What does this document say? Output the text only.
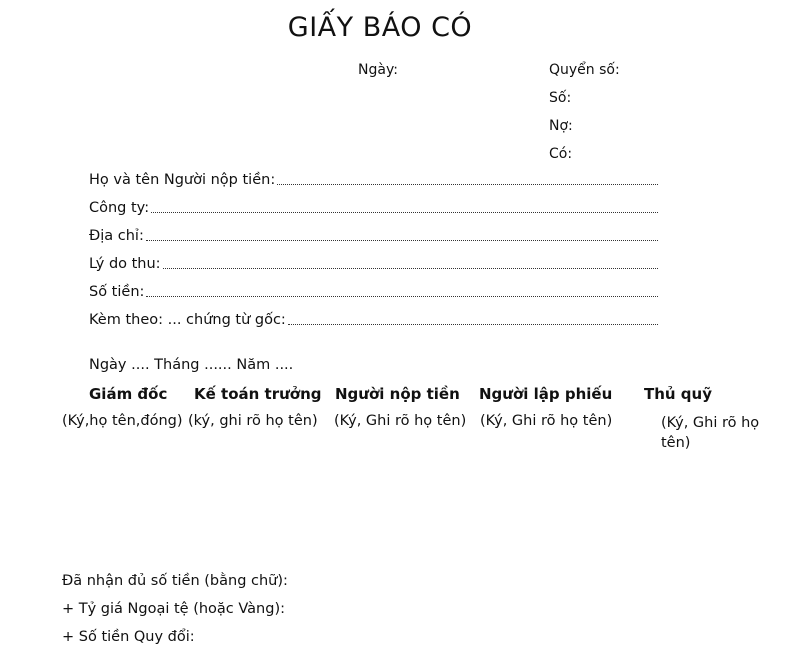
GIẤY BÁO CÓ
Ngày:	Quyển số:
Số:
Nợ:
Có:
Họ và tên Người nộp tiền:
Công ty:
Địa chỉ:
Lý do thu:
Số tiền:
Kèm theo: ... chứng từ gốc:
Ngày .... Tháng ...... Năm ....
Giám đốc Kế toán trưởng Người nộp tiền Người lập phiếu Thủ quỹ
(Ký,họ tên,đóng) (ký, ghi rõ họ tên) (Ký, Ghi rõ họ tên) (Ký, Ghi rõ họ tên)	(Ký, Ghi rõ họ tên)
Đã nhận đủ số tiền (bằng chữ):
+ Tỷ giá Ngoại tệ (hoặc Vàng):
+ Số tiền Quy đổi:
